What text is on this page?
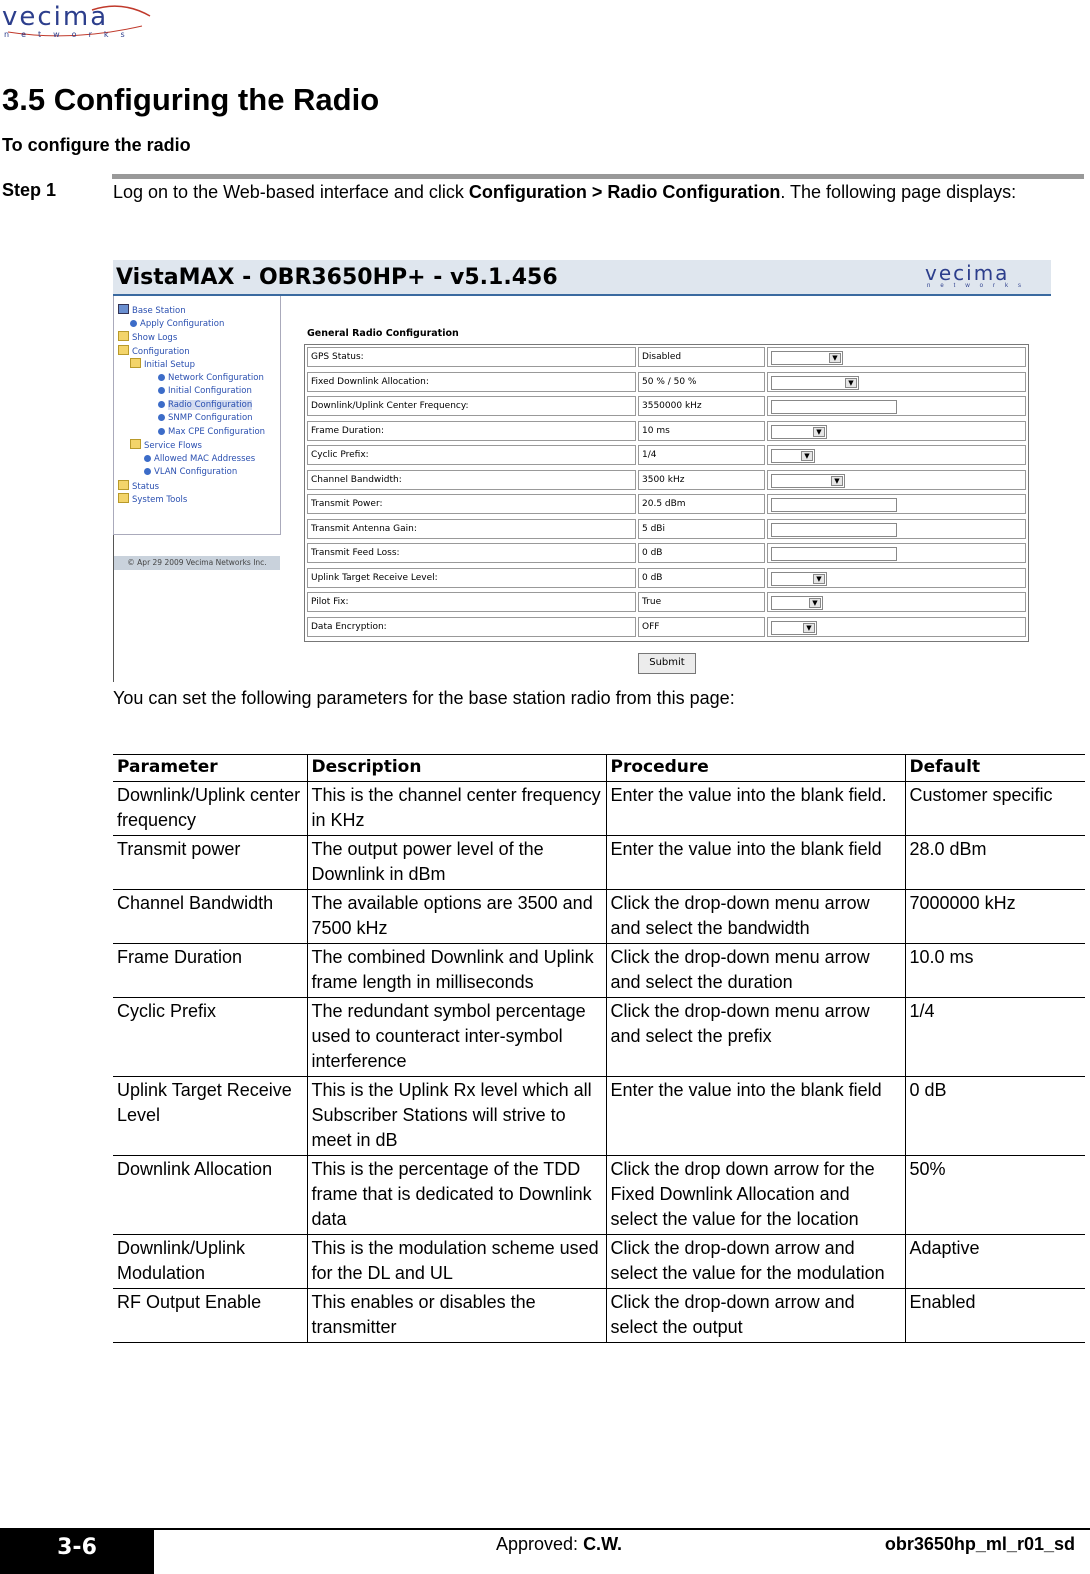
vecima
networks
3.5 Configuring the Radio
To configure the radio
Step 1	Log on to the Web-based interface and click Configuration > Radio Configuration. The following page displays:
VistaMAX - OBR3650HP+ - v5.1.456	vecima
networks
© Apr 29 2009 Vecima Networks Inc.
Base Station
Apply Configuration
Show Logs
Configuration
Initial Setup
Network Configuration
Initial Configuration
Radio Configuration
SNMP Configuration
Max CPE Configuration
Service Flows
Allowed MAC Addresses
VLAN Configuration
Status
System Tools
General Radio Configuration
GPS Status:	Disabled	▼
Fixed Downlink Allocation:	50 % / 50 %	▼
Downlink/Uplink Center Frequency:	3550000 kHz
Frame Duration:	10 ms	▼
Cyclic Prefix:	1/4	▼
Channel Bandwidth:	3500 kHz	▼
Transmit Power:	20.5 dBm
Transmit Antenna Gain:	5 dBi
Transmit Feed Loss:	0 dB
Uplink Target Receive Level:	0 dB	▼
Pilot Fix:	True	▼
Data Encryption:	OFF	▼
Submit
You can set the following parameters for the base station radio from this page:
Parameter	Description	Procedure	Default
Downlink/Uplink center frequency	This is the channel center frequency in KHz	Enter the value into the blank field.	Customer specific
Transmit power	The output power level of the Downlink in dBm	Enter the value into the blank field	28.0 dBm
Channel Bandwidth	The available options are 3500 and 7500 kHz	Click the drop-down menu arrow and select the bandwidth	7000000 kHz
Frame Duration	The combined Downlink and Uplink frame length in milliseconds	Click the drop-down menu arrow and select the duration	10.0 ms
Cyclic Prefix	The redundant symbol percentage used to counteract inter-symbol interference	Click the drop-down menu arrow and select the prefix	1/4
Uplink Target Receive Level	This is the Uplink Rx level which all Subscriber Stations will strive to meet in dB	Enter the value into the blank field	0 dB
Downlink Allocation	This is the percentage of the TDD frame that is dedicated to Downlink data	Click the drop down arrow for the Fixed Downlink Allocation and select the value for the location	50%
Downlink/Uplink Modulation	This is the modulation scheme used for the DL and UL	Click the drop-down arrow and select the value for the modulation	Adaptive
RF Output Enable	This enables or disables the transmitter	Click the drop-down arrow and select the output	Enabled
3-6	Approved: C.W.	obr3650hp_ml_r01_sd
